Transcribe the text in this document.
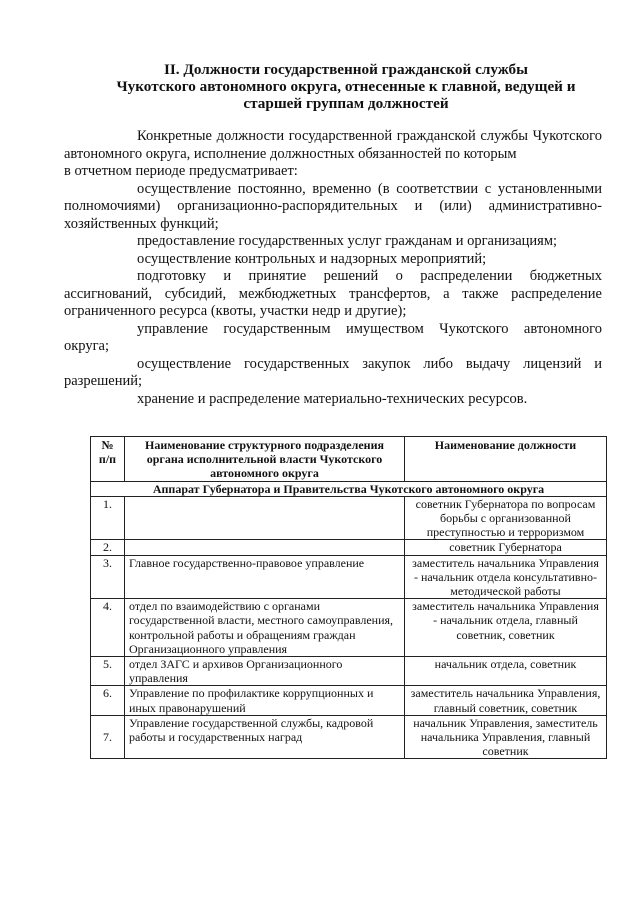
II. Должности государственной гражданской службы
Чукотского автономного округа, отнесенные к главной, ведущей и
старшей группам должностей

Конкретные должности государственной гражданской службы Чукотского автономного округа, исполнение должностных обязанностей по которым

в отчетном периоде предусматривает:

осуществление постоянно, временно (в соответствии с установленными полномочиями) организационно-распорядительных и (или) административно-хозяйственных функций;

предоставление государственных услуг гражданам и организациям;

осуществление контрольных и надзорных мероприятий;

подготовку и принятие решений о распределении бюджетных ассигнований, субсидий, межбюджетных трансфертов, а также распределение ограниченного ресурса (квоты, участки недр и другие);

управление государственным имуществом Чукотского автономного округа;

осуществление государственных закупок либо выдачу лицензий и разрешений;

хранение и распределение материально-технических ресурсов.

№ п/п	Наименование структурного подразделения органа исполнительной власти Чукотского автономного округа	Наименование должности
Аппарат Губернатора и Правительства Чукотского автономного округа		
1.		советник Губернатора по вопросам борьбы с организованной преступностью и терроризмом
2.		советник Губернатора
3.	Главное государственно-правовое управление	заместитель начальника Управления - начальник отдела консультативно-методической работы
4.	отдел по взаимодействию с органами государственной власти, местного самоуправления, контрольной работы и обращениям граждан Организационного управления	заместитель начальника Управления - начальник отдела, главный советник, советник
5.	отдел ЗАГС и архивов Организационного управления	начальник отдела, советник
6.	Управление по профилактике коррупционных и иных правонарушений	заместитель начальника Управления, главный советник, советник
7.	Управление государственной службы, кадровой работы и государственных наград	начальник Управления, заместитель начальника Управления, главный советник
